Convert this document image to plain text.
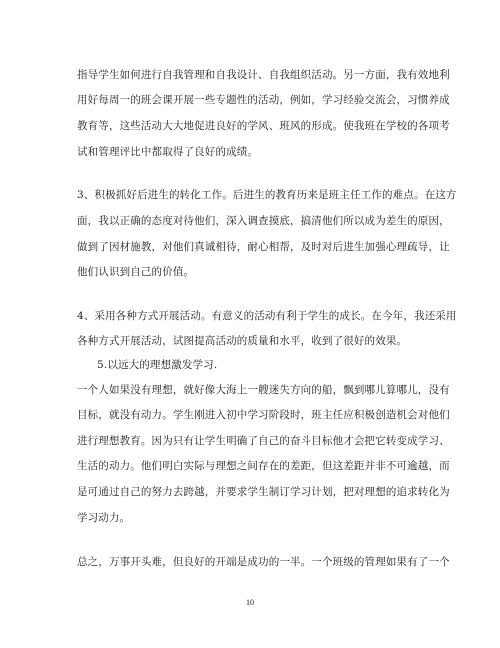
指导学生如何进行自我管理和自我设计、自我组织活动。另一方面，我有效地利
用好每周一的班会课开展一些专题性的活动，例如，学习经验交流会，习惯养成
教育等，这些活动大大地促进良好的学风、班风的形成。使我班在学校的各项考
试和管理评比中都取得了良好的成绩。
3、积极抓好后进生的转化工作。后进生的教育历来是班主任工作的难点。在这方
面，我以正确的态度对待他们，深入调查摸底，搞清他们所以成为差生的原因，
做到了因材施教，对他们真诚相待，耐心相帮，及时对后进生加强心理疏导，让
他们认识到自己的价值。
4、采用各种方式开展活动。有意义的活动有利于学生的成长。在今年，我还采用
各种方式开展活动，试图提高活动的质量和水平，收到了很好的效果。
5.以远大的理想激发学习.
一个人如果没有理想，就好像大海上一艘迷失方向的船，飘到哪儿算哪儿，没有
目标，就没有动力。学生刚进入初中学习阶段时，班主任应积极创造机会对他们
进行理想教育。因为只有让学生明确了自己的奋斗目标他才会把它转变成学习、
生活的动力。他们明白实际与理想之间存在的差距，但这差距并非不可逾越，而
是可通过自己的努力去跨越，并要求学生制订学习计划，把对理想的追求转化为
学习动力。
总之，万事开头难，但良好的开端是成功的一半。一个班级的管理如果有了一个
10
